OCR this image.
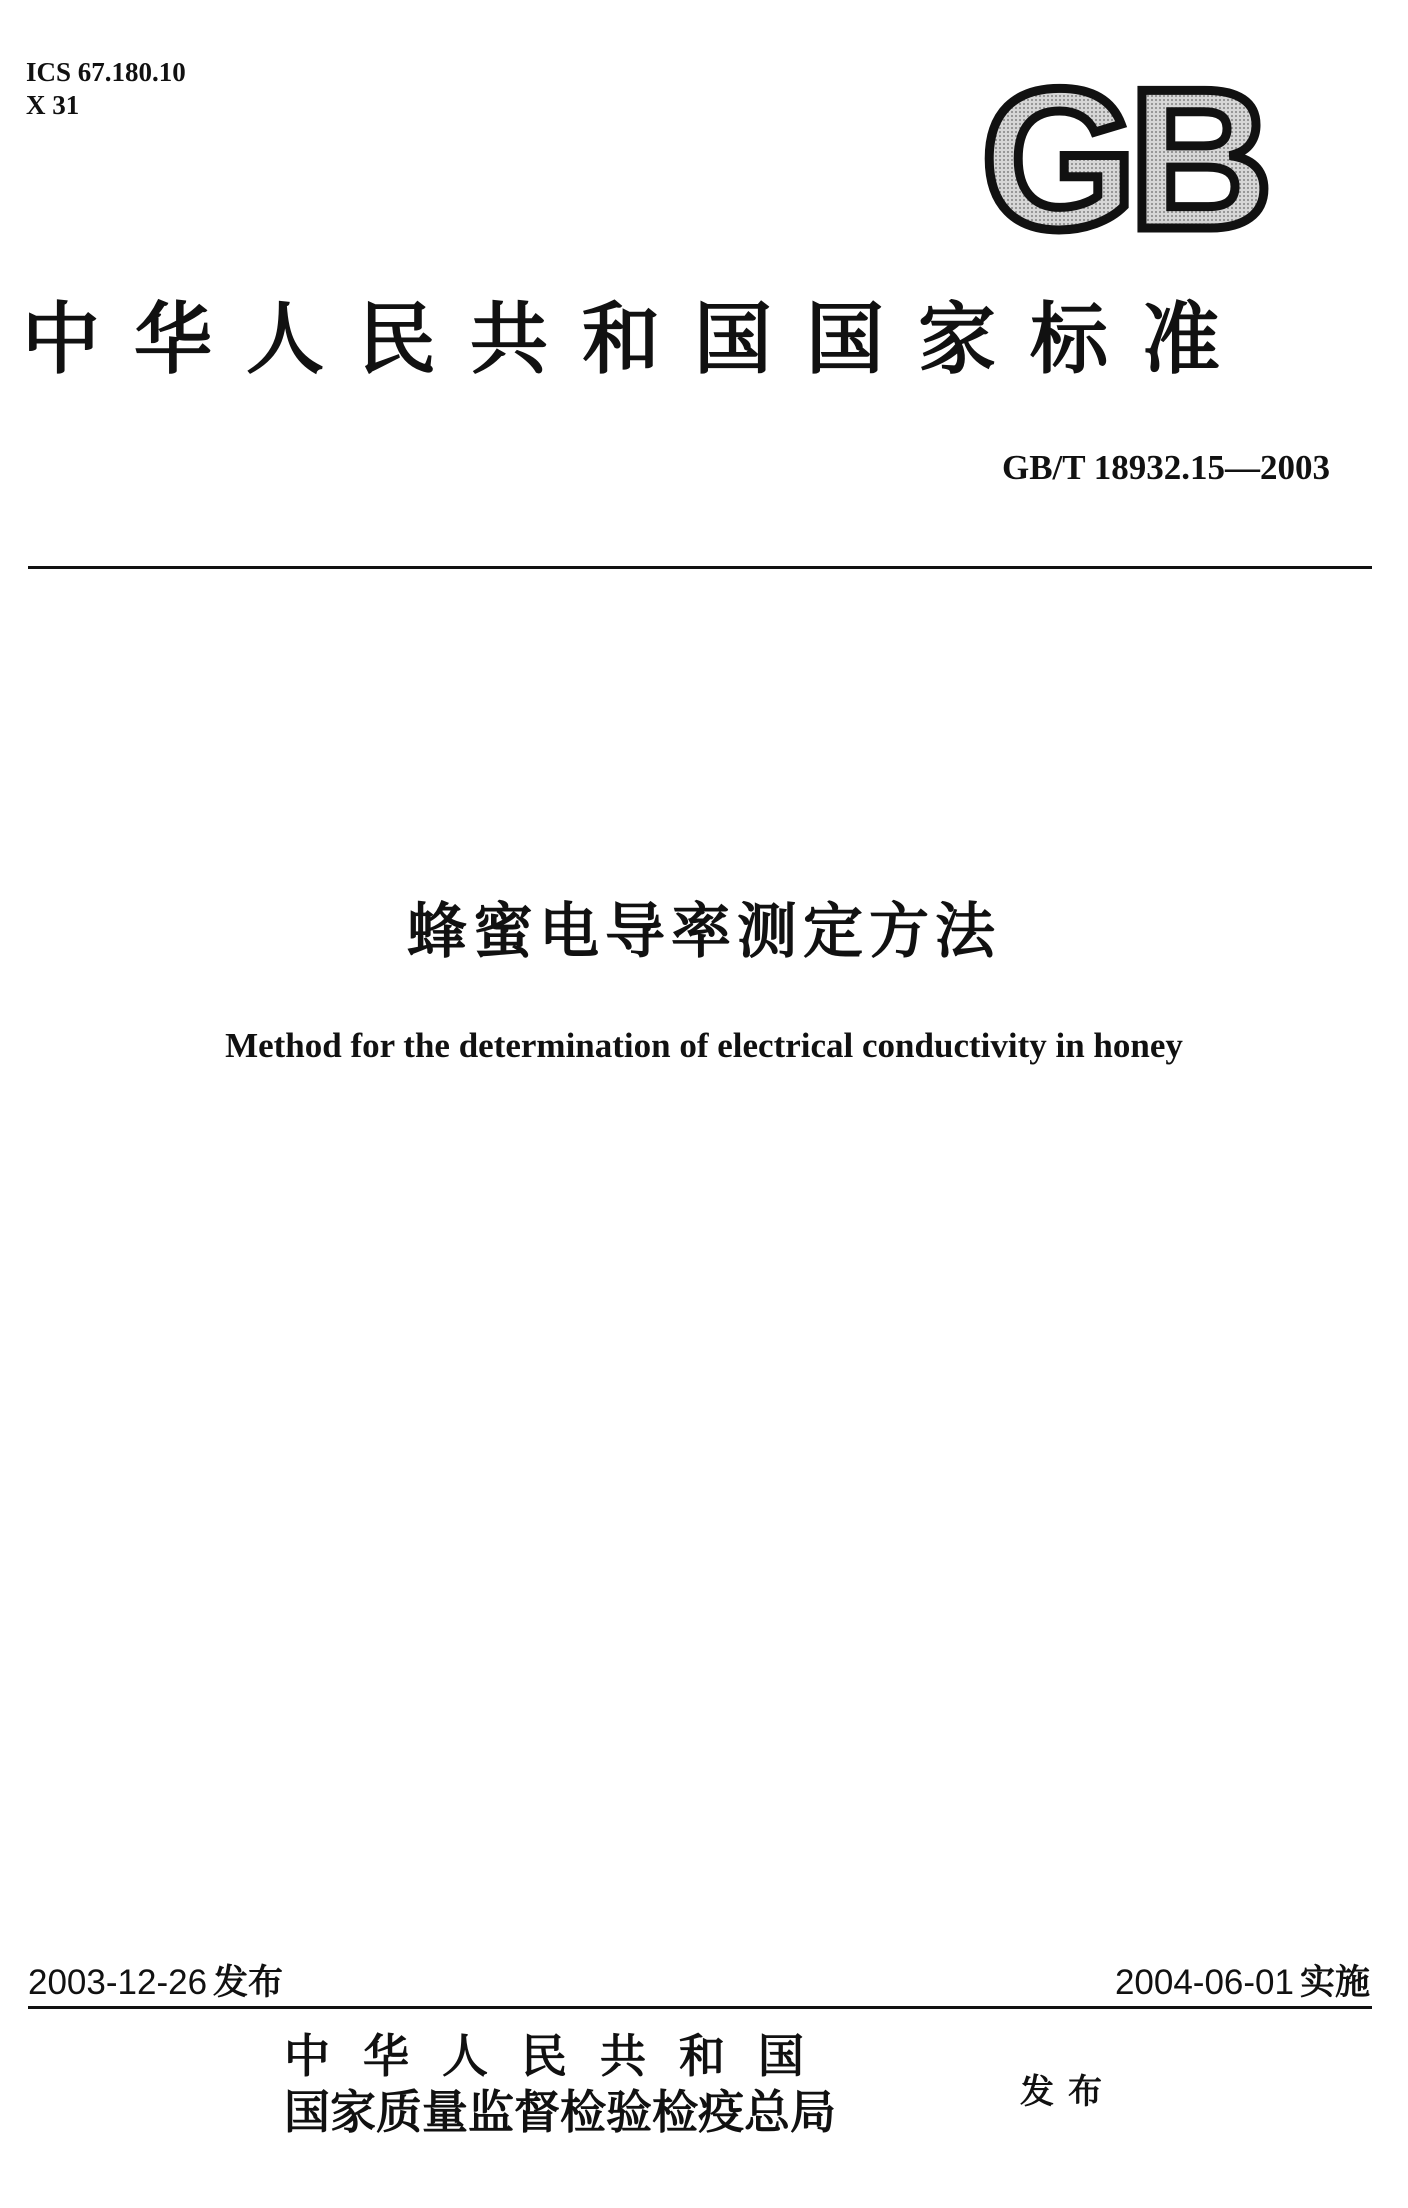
ICS 67.180.10
X 31	GB
中华人民共和国国家标准
GB/T 18932.15—2003
蜂蜜电导率测定方法
Method for the determination of electrical conductivity in honey
2003-12-26 发布	2004-06-01 实施
中华人民共和国
国家质量监督检验检疫总局	发布
